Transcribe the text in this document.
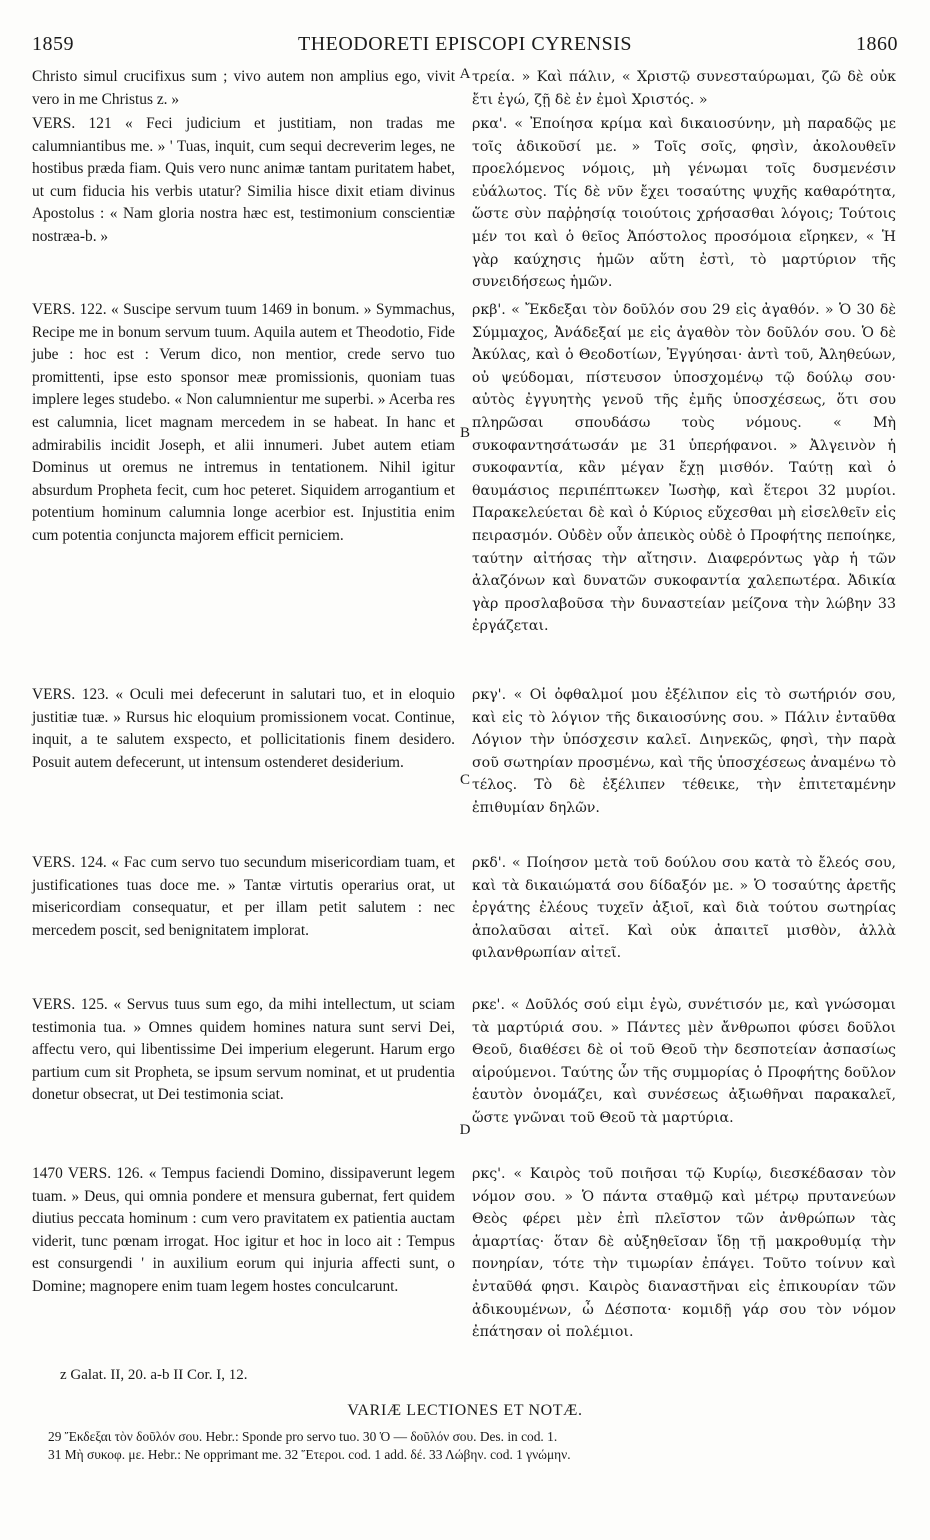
1859	THEODORETI EPISCOPI CYRENSIS	1860

Christo simul crucifixus sum ; vivo autem non amplius ego, vivit vero in me Christus z. »

VERS. 121 « Feci judicium et justitiam, non tradas me calumniantibus me. » ' Tuas, inquit, cum sequi decreverim leges, ne hostibus præda fiam. Quis vero nunc animæ tantam puritatem habet, ut cum fiducia his verbis utatur? Similia hisce dixit etiam divinus Apostolus : « Nam gloria nostra hæc est, testimonium conscientiæ nostræa-b. »

VERS. 122. « Suscipe servum tuum 1469 in bonum. » Symmachus, Recipe me in bonum servum tuum. Aquila autem et Theodotio, Fide jube : hoc est : Verum dico, non mentior, crede servo tuo promittenti, ipse esto sponsor meæ promissionis, quoniam tuas implere leges studebo. « Non calumnientur me superbi. » Acerba res est calumnia, licet magnam mercedem in se habeat. In hanc et admirabilis incidit Joseph, et alii innumeri. Jubet autem etiam Dominus ut oremus ne intremus in tentationem. Nihil igitur absurdum Propheta fecit, cum hoc peteret. Siquidem arrogantium et potentium hominum calumnia longe acerbior est. Injustitia enim cum potentia conjuncta majorem efficit perniciem.

VERS. 123. « Oculi mei defecerunt in salutari tuo, et in eloquio justitiæ tuæ. » Rursus hic eloquium promissionem vocat. Continue, inquit, a te salutem exspecto, et pollicitationis finem desidero. Posuit autem defecerunt, ut intensum ostenderet desiderium.

VERS. 124. « Fac cum servo tuo secundum misericordiam tuam, et justificationes tuas doce me. » Tantæ virtutis operarius orat, ut misericordiam consequatur, et per illam petit salutem : nec mercedem poscit, sed benignitatem implorat.

VERS. 125. « Servus tuus sum ego, da mihi intellectum, ut sciam testimonia tua. » Omnes quidem homines natura sunt servi Dei, affectu vero, qui libentissime Dei imperium elegerunt. Harum ergo partium cum sit Propheta, se ipsum servum nominat, et ut prudentia donetur obsecrat, ut Dei testimonia sciat.

1470 VERS. 126. « Tempus faciendi Domino, dissipaverunt legem tuam. » Deus, qui omnia pondere et mensura gubernat, fert quidem diutius peccata hominum : cum vero pravitatem ex patientia auctam viderit, tunc pœnam irrogat. Hoc igitur et hoc in loco ait : Tempus est consurgendi ' in auxilium eorum qui injuria affecti sunt, o Domine; magnopere enim tuam legem hostes conculcarunt.

A
B
C
D

τρεία. » Καὶ πάλιν, « Χριστῷ συνεσταύρωμαι, ζῶ δὲ οὐκ ἔτι ἐγώ, ζῇ δὲ ἐν ἐμοὶ Χριστός. »

ρκα'. « Ἐποίησα κρίμα καὶ δικαιοσύνην, μὴ παραδῷς με τοῖς ἀδικοῦσί με. » Τοῖς σοῖς, φησὶν, ἀκολουθεῖν προελόμενος νόμοις, μὴ γένωμαι τοῖς δυσμενέσιν εὐάλωτος. Τίς δὲ νῦν ἔχει τοσαύτης ψυχῆς καθαρότητα, ὥστε σὺν παῤῥησίᾳ τοιούτοις χρήσασθαι λόγοις; Τούτοις μέν τοι καὶ ὁ θεῖος Ἀπόστολος προσόμοια εἴρηκεν, « Ἡ γὰρ καύχησις ἡμῶν αὕτη ἐστὶ, τὸ μαρτύριον τῆς συνειδήσεως ἡμῶν.

ρκβ'. « Ἔκδεξαι τὸν δοῦλόν σου 29 εἰς ἀγαθόν. » Ὁ 30 δὲ Σύμμαχος, Ἀνάδεξαί με εἰς ἀγαθὸν τὸν δοῦλόν σου. Ὁ δὲ Ἀκύλας, καὶ ὁ Θεοδοτίων, Ἐγγύησαι· ἀντὶ τοῦ, Ἀληθεύων, οὐ ψεύδομαι, πίστευσον ὑποσχομένῳ τῷ δούλῳ σου· αὐτὸς ἐγγυητὴς γενοῦ τῆς ἐμῆς ὑποσχέσεως, ὅτι σου πληρῶσαι σπουδάσω τοὺς νόμους. « Μὴ συκοφαντησάτωσάν με 31 ὑπερήφανοι. » Ἀλγεινὸν ἡ συκοφαντία, κἂν μέγαν ἔχῃ μισθόν. Ταύτῃ καὶ ὁ θαυμάσιος περιπέπτωκεν Ἰωσὴφ, καὶ ἕτεροι 32 μυρίοι. Παρακελεύεται δὲ καὶ ὁ Κύριος εὔχεσθαι μὴ εἰσελθεῖν εἰς πειρασμόν. Οὐδὲν οὖν ἀπεικὸς οὐδὲ ὁ Προφήτης πεποίηκε, ταύτην αἰτήσας τὴν αἴτησιν. Διαφερόντως γὰρ ἡ τῶν ἀλαζόνων καὶ δυνατῶν συκοφαντία χαλεπωτέρα. Ἀδικία γὰρ προσλαβοῦσα τὴν δυναστείαν μείζονα τὴν λώβην 33 ἐργάζεται.

ρκγ'. « Οἱ ὀφθαλμοί μου ἐξέλιπον εἰς τὸ σωτήριόν σου, καὶ εἰς τὸ λόγιον τῆς δικαιοσύνης σου. » Πάλιν ἐνταῦθα Λόγιον τὴν ὑπόσχεσιν καλεῖ. Διηνεκῶς, φησὶ, τὴν παρὰ σοῦ σωτηρίαν προσμένω, καὶ τῆς ὑποσχέσεως ἀναμένω τὸ τέλος. Τὸ δὲ ἐξέλιπεν τέθεικε, τὴν ἐπιτεταμένην ἐπιθυμίαν δηλῶν.

ρκδ'. « Ποίησον μετὰ τοῦ δούλου σου κατὰ τὸ ἔλεός σου, καὶ τὰ δικαιώματά σου δίδαξόν με. » Ὁ τοσαύτης ἀρετῆς ἐργάτης ἐλέους τυχεῖν ἀξιοῖ, καὶ διὰ τούτου σωτηρίας ἀπολαῦσαι αἰτεῖ. Καὶ οὐκ ἀπαιτεῖ μισθὸν, ἀλλὰ φιλανθρωπίαν αἰτεῖ.

ρκε'. « Δοῦλός σού εἰμι ἐγὼ, συνέτισόν με, καὶ γνώσομαι τὰ μαρτύριά σου. » Πάντες μὲν ἄνθρωποι φύσει δοῦλοι Θεοῦ, διαθέσει δὲ οἱ τοῦ Θεοῦ τὴν δεσποτείαν ἀσπασίως αἱρούμενοι. Ταύτης ὧν τῆς συμμορίας ὁ Προφήτης δοῦλον ἑαυτὸν ὀνομάζει, καὶ συνέσεως ἀξιωθῆναι παρακαλεῖ, ὥστε γνῶναι τοῦ Θεοῦ τὰ μαρτύρια.

ρκς'. « Καιρὸς τοῦ ποιῆσαι τῷ Κυρίῳ, διεσκέδασαν τὸν νόμον σου. » Ὁ πάντα σταθμῷ καὶ μέτρῳ πρυτανεύων Θεὸς φέρει μὲν ἐπὶ πλεῖστον τῶν ἀνθρώπων τὰς ἁμαρτίας· ὅταν δὲ αὐξηθεῖσαν ἴδῃ τῇ μακροθυμίᾳ τὴν πονηρίαν, τότε τὴν τιμωρίαν ἐπάγει. Τοῦτο τοίνυν καὶ ἐνταῦθά φησι. Καιρὸς διαναστῆναι εἰς ἐπικουρίαν τῶν ἀδικουμένων, ὦ Δέσποτα· κομιδῇ γάρ σου τὸν νόμον ἐπάτησαν οἱ πολέμιοι.

z Galat. II, 20. a-b II Cor. I, 12.
VARIÆ LECTIONES ET NOTÆ.
29 Ἔκδεξαι τὸν δοῦλόν σου. Hebr.: Sponde pro servo tuo. 30 Ὁ — δοῦλόν σου. Des. in cod. 1.
31 Μὴ συκοφ. με. Hebr.: Ne opprimant me. 32 Ἕτεροι. cod. 1 add. δέ. 33 Λώβην. cod. 1 γνώμην.
